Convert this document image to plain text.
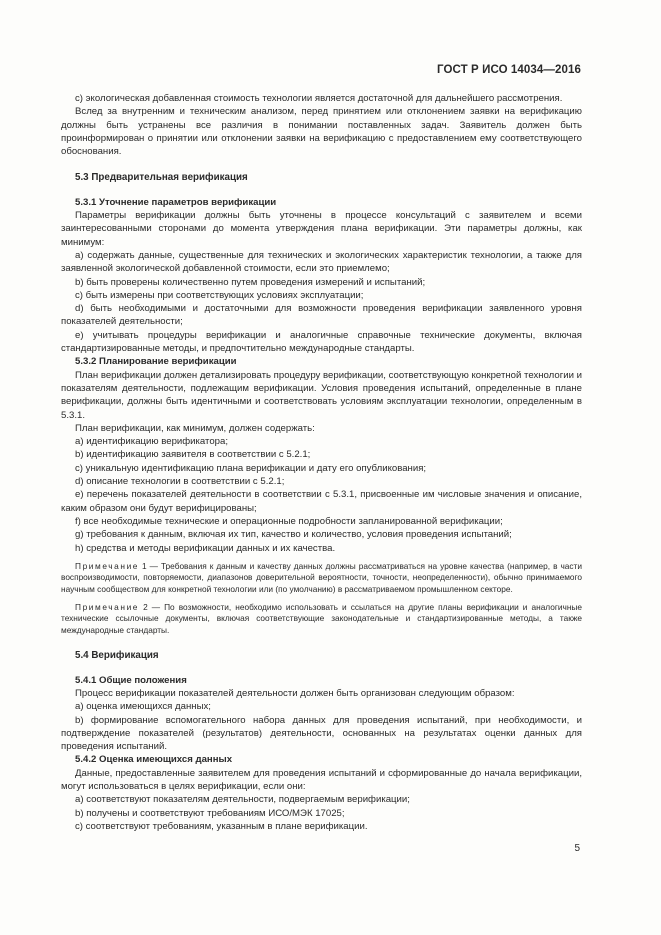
ГОСТ Р ИСО 14034—2016

c) экологическая добавленная стоимость технологии является достаточной для дальнейшего рассмотрения.

Вслед за внутренним и техническим анализом, перед принятием или отклонением заявки на верификацию должны быть устранены все различия в понимании поставленных задач. Заявитель должен быть проинформирован о принятии или отклонении заявки на верификацию с предоставлением ему соответствующего обоснования.

5.3 Предварительная верификация

5.3.1 Уточнение параметров верификации

Параметры верификации должны быть уточнены в процессе консультаций с заявителем и всеми заинтересованными сторонами до момента утверждения плана верификации. Эти параметры должны, как минимум:

a) содержать данные, существенные для технических и экологических характеристик технологии, а также для заявленной экологической добавленной стоимости, если это приемлемо;

b) быть проверены количественно путем проведения измерений и испытаний;

c) быть измерены при соответствующих условиях эксплуатации;

d) быть необходимыми и достаточными для возможности проведения верификации заявленного уровня показателей деятельности;

e) учитывать процедуры верификации и аналогичные справочные технические документы, включая стандартизированные методы, и предпочтительно международные стандарты.

5.3.2 Планирование верификации

План верификации должен детализировать процедуру верификации, соответствующую конкретной технологии и показателям деятельности, подлежащим верификации. Условия проведения испытаний, определенные в плане верификации, должны быть идентичными и соответствовать условиям эксплуатации технологии, определенным в 5.3.1.

План верификации, как минимум, должен содержать:

a) идентификацию верификатора;

b) идентификацию заявителя в соответствии с 5.2.1;

c) уникальную идентификацию плана верификации и дату его опубликования;

d) описание технологии в соответствии с 5.2.1;

e) перечень показателей деятельности в соответствии с 5.3.1, присвоенные им числовые значения и описание, каким образом они будут верифицированы;

f) все необходимые технические и операционные подробности запланированной верификации;

g) требования к данным, включая их тип, качество и количество, условия проведения испытаний;

h) средства и методы верификации данных и их качества.

Примечание 1 — Требования к данным и качеству данных должны рассматриваться на уровне качества (например, в части воспроизводимости, повторяемости, диапазонов доверительной вероятности, точности, неопределенности), обычно принимаемого научным сообществом для конкретной технологии или (по умолчанию) в рассматриваемом промышленном секторе.

Примечание 2 — По возможности, необходимо использовать и ссылаться на другие планы верификации и аналогичные технические ссылочные документы, включая соответствующие законодательные и стандартизированные методы, а также международные стандарты.

5.4 Верификация

5.4.1 Общие положения

Процесс верификации показателей деятельности должен быть организован следующим образом:

a) оценка имеющихся данных;

b) формирование вспомогательного набора данных для проведения испытаний, при необходимости, и подтверждение показателей (результатов) деятельности, основанных на результатах оценки данных для проведения испытаний.

5.4.2 Оценка имеющихся данных

Данные, предоставленные заявителем для проведения испытаний и сформированные до начала верификации, могут использоваться в целях верификации, если они:

a) соответствуют показателям деятельности, подвергаемым верификации;

b) получены и соответствуют требованиям ИСО/МЭК 17025;

c) соответствуют требованиям, указанным в плане верификации.

5
